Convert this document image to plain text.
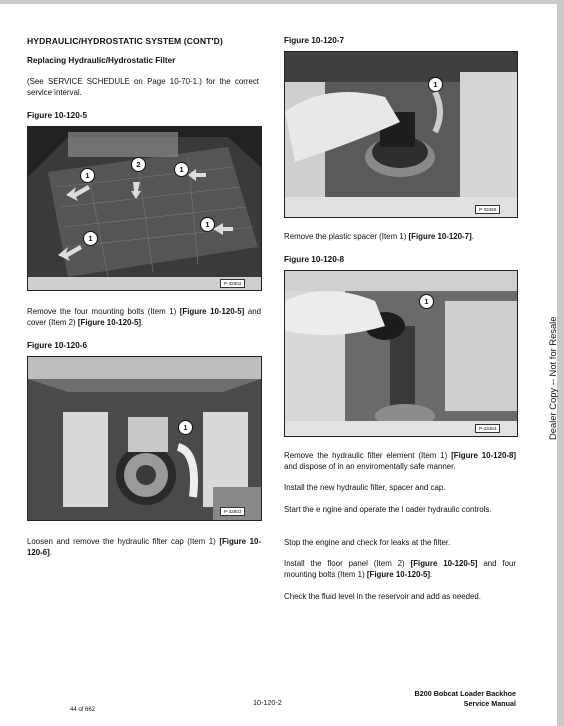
HYDRAULIC/HYDROSTATIC SYSTEM (CONT'D)
Replacing Hydraulic/Hydrostatic Filter
(See SERVICE SCHEDULE on Page 10-70-1.) for the correct service interval.
Figure 10-120-5
1
2
1
1
1
P-32802
Remove the four mounting bolts (Item 1) [Figure 10-120-5] and cover (Item 2) [Figure 10-120-5].
Figure 10-120-6
1
P-32803
Loosen and remove the hydraulic filter cap (Item 1) [Figure 10-120-6].
Figure 10-120-7
1
P-33455
Remove the plastic spacer (Item 1) [Figure 10-120-7].
Figure 10-120-8
1
P-33454
Remove the hydraulic filter element (Item 1) [Figure 10-120-8] and dispose of in an enviromentally safe manner.
Install the new hydraulic filter, spacer and cap.
Start the e ngine and operate the l oader hydraulic controls.
Stop the engine and check for leaks at the filter.
Install the floor panel (Item 2) [Figure 10-120-5] and four mounting bolts (Item 1) [Figure 10-120-5].
Check the fluid level in the reservoir and add as needed.
Dealer Copy -- Not for Resale
44 of 662
10-120-2
B200 Bobcat Loader Backhoe
Service Manual
